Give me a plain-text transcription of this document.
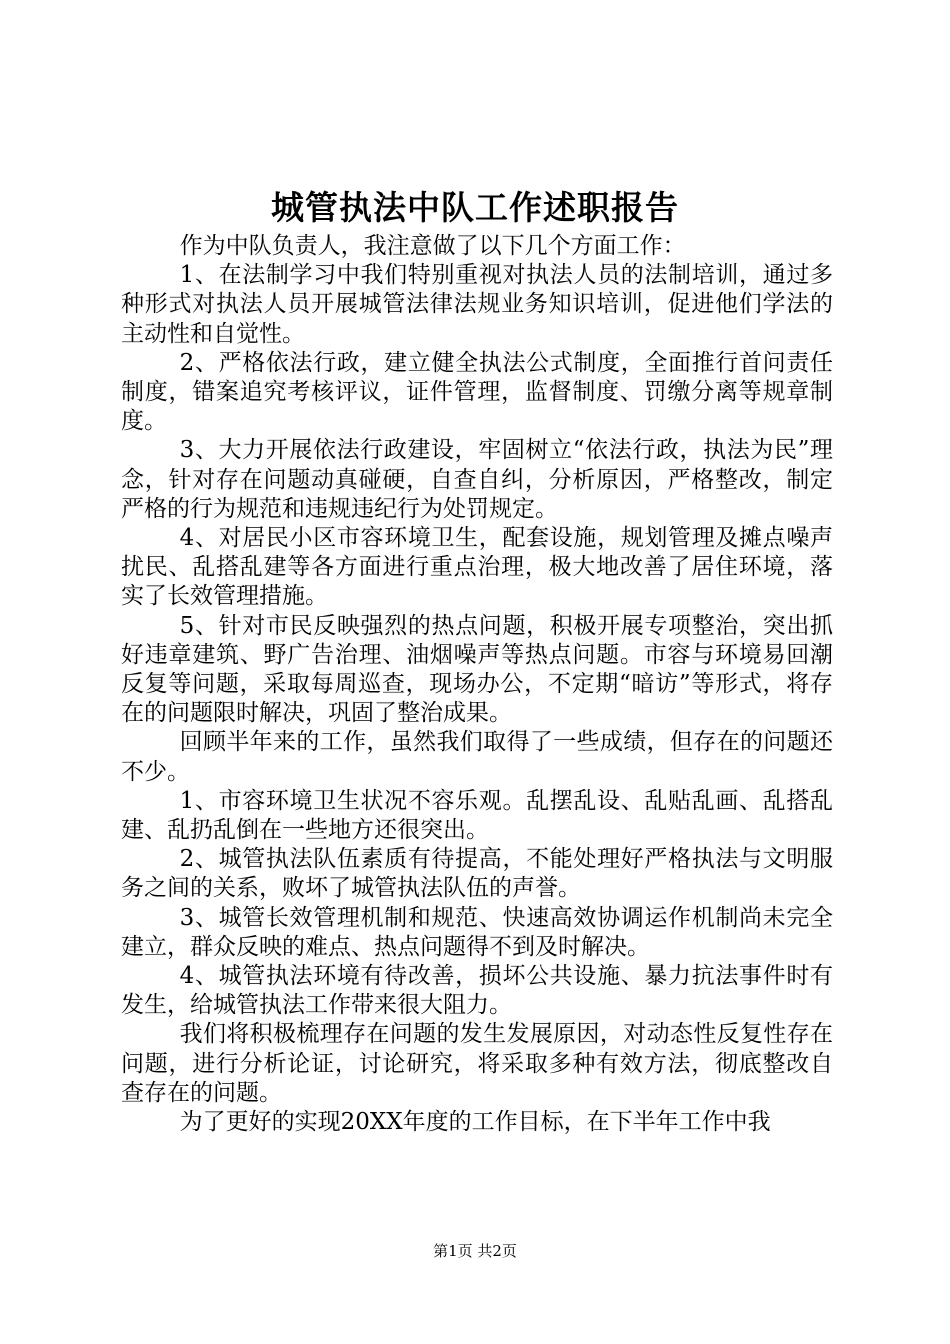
城管执法中队工作述职报告

作为中队负责人，我注意做了以下几个方面工作：

1、在法制学习中我们特别重视对执法人员的法制培训，通过多种形式对执法人员开展城管法律法规业务知识培训，促进他们学法的主动性和自觉性。

2、严格依法行政，建立健全执法公式制度，全面推行首问责任制度，错案追究考核评议，证件管理，监督制度、罚缴分离等规章制度。

3、大力开展依法行政建设，牢固树立“依法行政，执法为民”理念，针对存在问题动真碰硬，自查自纠，分析原因，严格整改，制定严格的行为规范和违规违纪行为处罚规定。

4、对居民小区市容环境卫生，配套设施，规划管理及摊点噪声扰民、乱搭乱建等各方面进行重点治理，极大地改善了居住环境，落实了长效管理措施。

5、针对市民反映强烈的热点问题，积极开展专项整治，突出抓好违章建筑、野广告治理、油烟噪声等热点问题。市容与环境易回潮反复等问题，采取每周巡查，现场办公，不定期“暗访”等形式，将存在的问题限时解决，巩固了整治成果。

回顾半年来的工作，虽然我们取得了一些成绩，但存在的问题还不少。

1、市容环境卫生状况不容乐观。乱摆乱设、乱贴乱画、乱搭乱建、乱扔乱倒在一些地方还很突出。

2、城管执法队伍素质有待提高，不能处理好严格执法与文明服务之间的关系，败坏了城管执法队伍的声誉。

3、城管长效管理机制和规范、快速高效协调运作机制尚未完全建立，群众反映的难点、热点问题得不到及时解决。

4、城管执法环境有待改善，损坏公共设施、暴力抗法事件时有发生，给城管执法工作带来很大阻力。

我们将积极梳理存在问题的发生发展原因，对动态性反复性存在问题，进行分析论证，讨论研究，将采取多种有效方法，彻底整改自查存在的问题。

为了更好的实现20XX年度的工作目标，在下半年工作中我

第1页 共2页
